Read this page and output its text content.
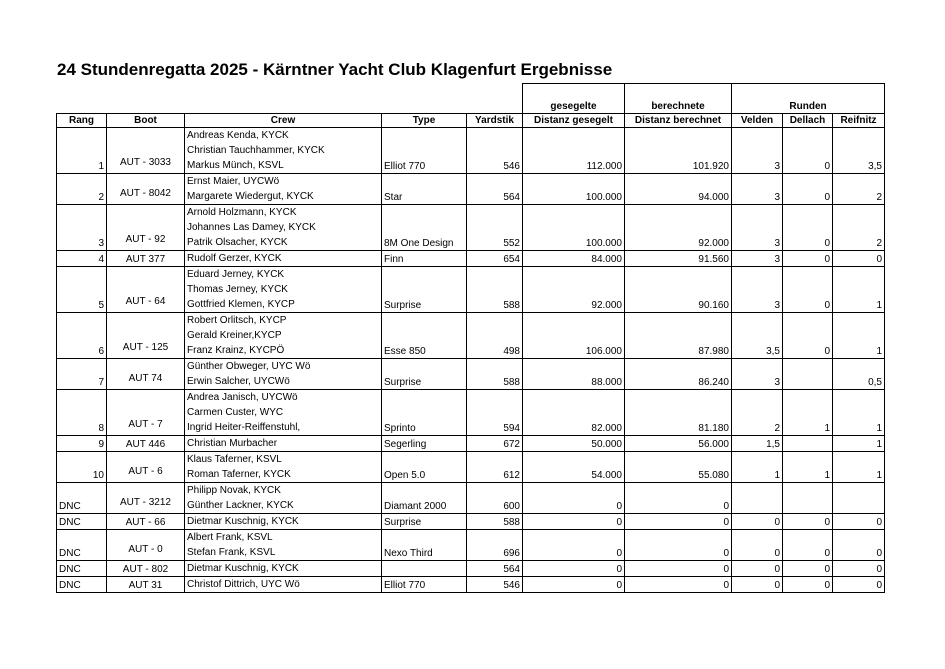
24 Stundenregatta 2025 - Kärntner Yacht Club Klagenfurt Ergebnisse
					gesegelte	berechnete	Runden		
Rang	Boot	Crew	Type	Yardstik	Distanz gesegelt	Distanz berechnet	Velden	Dellach	Reifnitz
1	AUT - 3033	Andreas Kenda, KYCK
Christian Tauchhammer, KYCK
Markus Münch, KSVL	Elliot 770	546	112.000	101.920	3	0	3,5
2	AUT - 8042	Ernst Maier, UYCWö
Margarete Wiedergut, KYCK	Star	564	100.000	94.000	3	0	2
3	AUT - 92	Arnold Holzmann, KYCK
Johannes Las Damey, KYCK
Patrik Olsacher, KYCK	8M One Design	552	100.000	92.000	3	0	2
4	AUT 377	Rudolf Gerzer, KYCK	Finn	654	84.000	91.560	3	0	0
5	AUT - 64	Eduard Jerney, KYCK
Thomas Jerney, KYCK
Gottfried Klemen, KYCP	Surprise	588	92.000	90.160	3	0	1
6	AUT - 125	Robert Orlitsch, KYCP
Gerald Kreiner,KYCP
Franz Krainz, KYCPÖ	Esse 850	498	106.000	87.980	3,5	0	1
7	AUT 74	Günther Obweger, UYC Wö
Erwin Salcher, UYCWö	Surprise	588	88.000	86.240	3		0,5
8	AUT - 7	Andrea Janisch, UYCWö
Carmen Custer, WYC
Ingrid Heiter-Reiffenstuhl,	Sprinto	594	82.000	81.180	2	1	1
9	AUT 446	Christian Murbacher	Segerling	672	50.000	56.000	1,5		1
10	AUT - 6	Klaus Taferner, KSVL
Roman Taferner, KYCK	Open 5.0	612	54.000	55.080	1	1	1
DNC	AUT - 3212	Philipp Novak, KYCK
Günther Lackner, KYCK	Diamant 2000	600	0	0			
DNC	AUT - 66	Dietmar Kuschnig, KYCK	Surprise	588	0	0	0	0	0
DNC	AUT - 0	Albert Frank, KSVL
Stefan Frank, KSVL	Nexo Third	696	0	0	0	0	0
DNC	AUT - 802	Dietmar Kuschnig, KYCK		564	0	0	0	0	0
DNC	AUT 31	Christof Dittrich, UYC Wö	Elliot 770	546	0	0	0	0	0
